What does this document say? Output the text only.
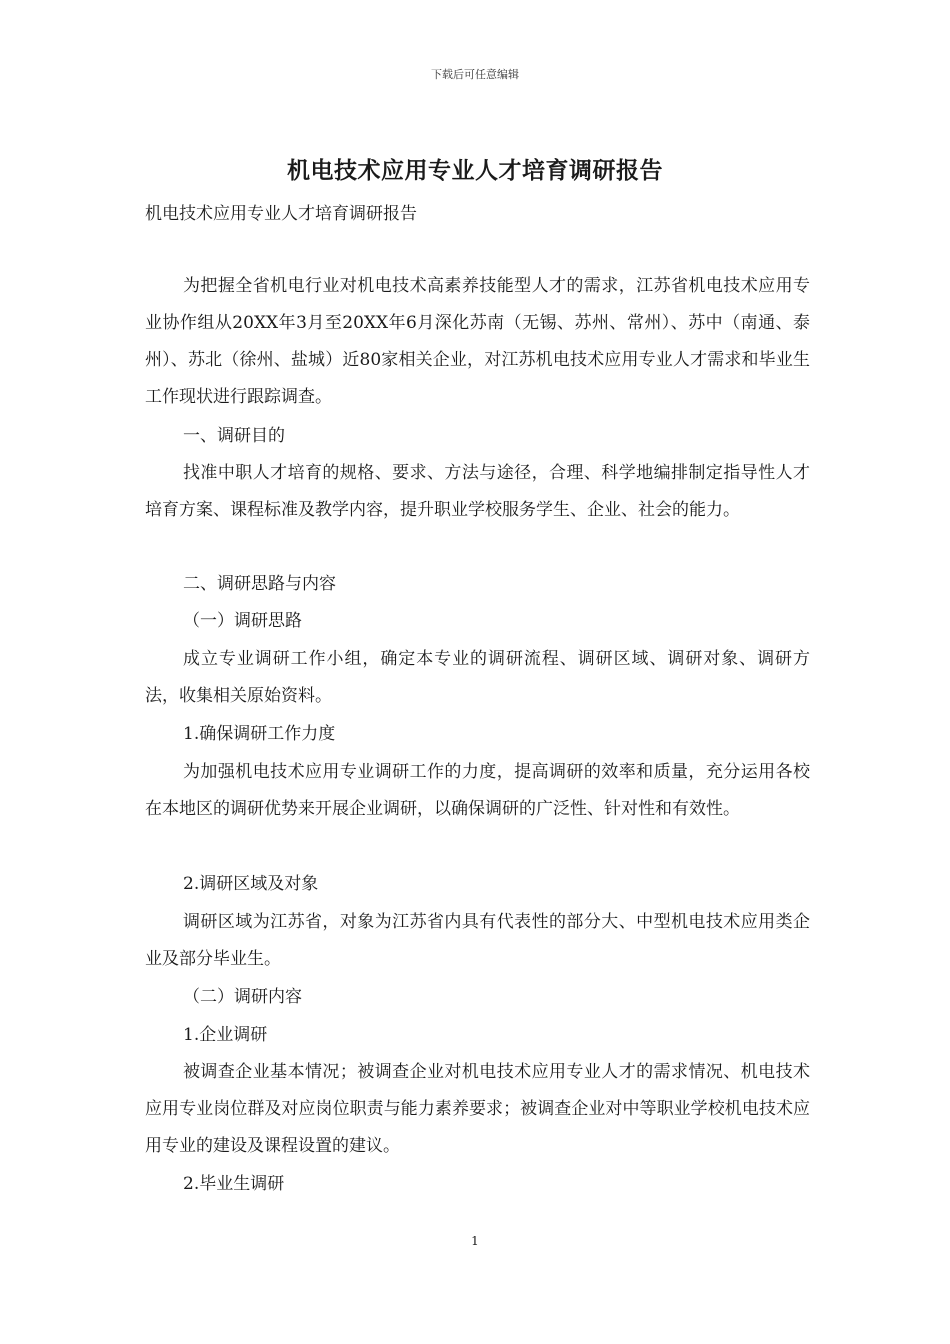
下载后可任意编辑
机电技术应用专业人才培育调研报告

机电技术应用专业人才培育调研报告

为把握全省机电行业对机电技术高素养技能型人才的需求，江苏省机电技术应用专业协作组从20XX年3月至20XX年6月深化苏南（无锡、苏州、常州）、苏中（南通、泰州）、苏北（徐州、盐城）近80家相关企业，对江苏机电技术应用专业人才需求和毕业生工作现状进行跟踪调查。

一、调研目的

找准中职人才培育的规格、要求、方法与途径，合理、科学地编排制定指导性人才培育方案、课程标准及教学内容，提升职业学校服务学生、企业、社会的能力。

二、调研思路与内容

（一）调研思路

成立专业调研工作小组，确定本专业的调研流程、调研区域、调研对象、调研方法，收集相关原始资料。

1.确保调研工作力度

为加强机电技术应用专业调研工作的力度，提高调研的效率和质量，充分运用各校在本地区的调研优势来开展企业调研，以确保调研的广泛性、针对性和有效性。

2.调研区域及对象

调研区域为江苏省，对象为江苏省内具有代表性的部分大、中型机电技术应用类企业及部分毕业生。

（二）调研内容

1.企业调研

被调查企业基本情况；被调查企业对机电技术应用专业人才的需求情况、机电技术应用专业岗位群及对应岗位职责与能力素养要求；被调查企业对中等职业学校机电技术应用专业的建设及课程设置的建议。

2.毕业生调研

1
